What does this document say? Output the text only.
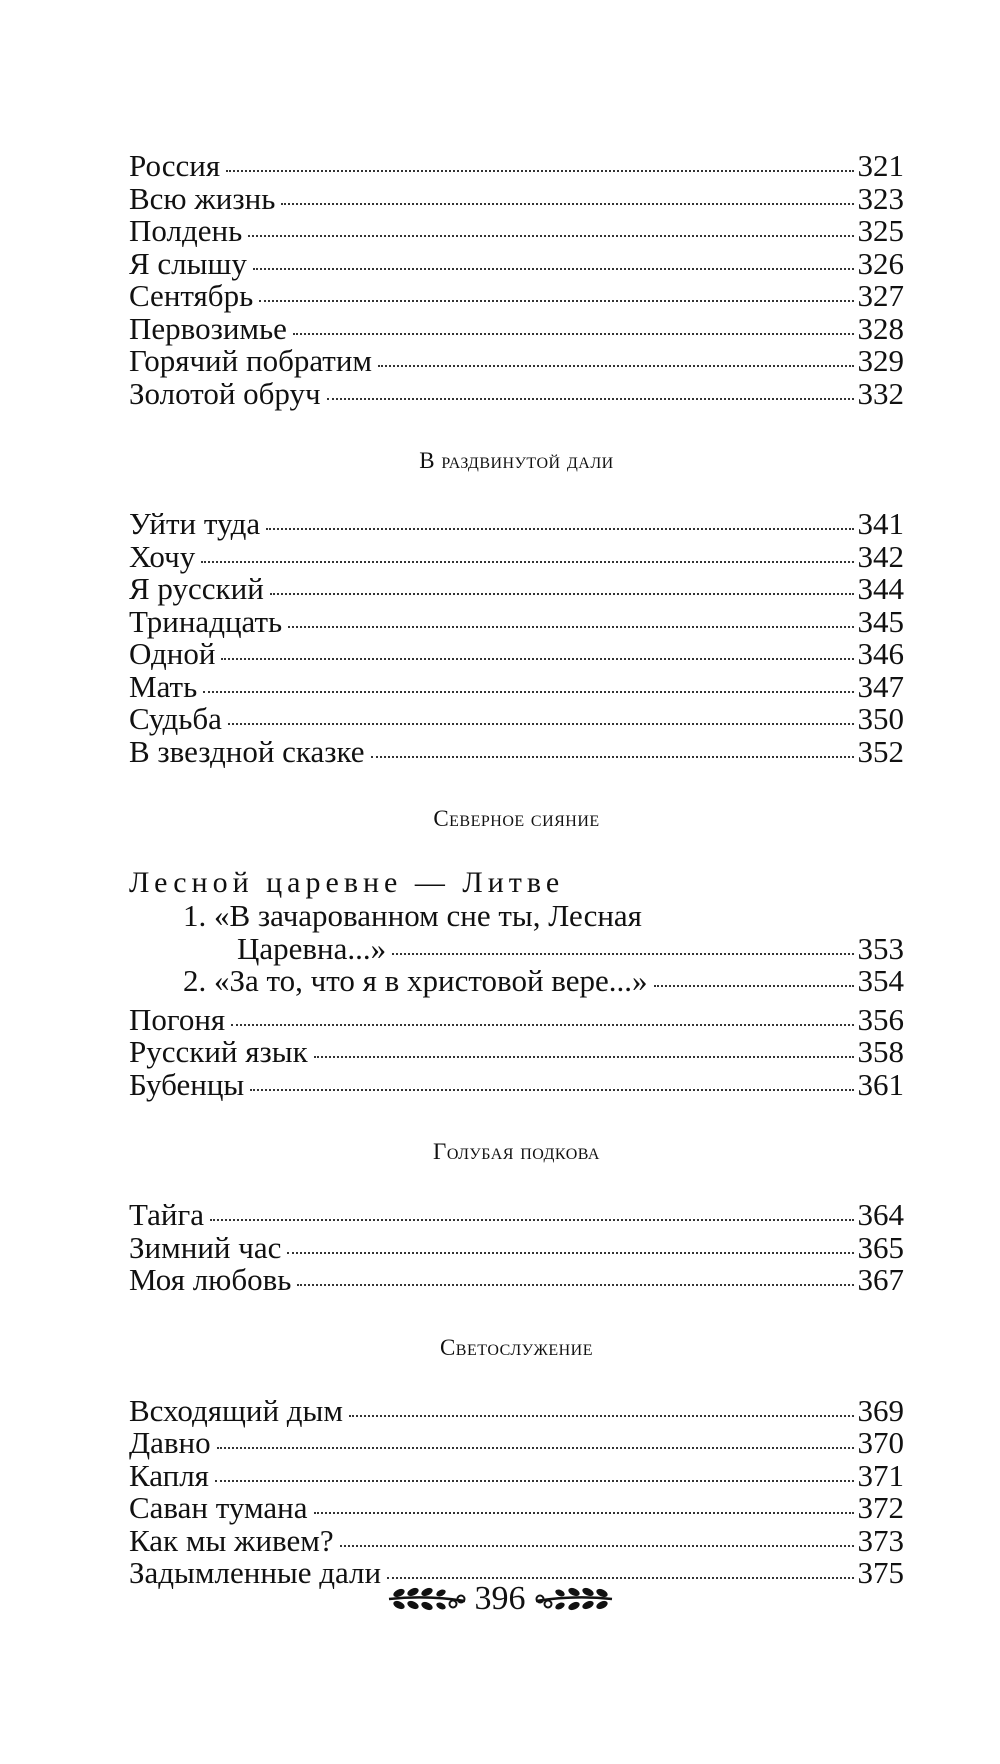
Россия	321
Всю жизнь	323
Полдень	325
Я слышу	326
Сентябрь	327
Первозимье	328
Горячий побратим	329
Золотой обруч	332
В раздвинутой дали
Уйти туда	341
Хочу	342
Я русский	344
Тринадцать	345
Одной	346
Мать	347
Судьба	350
В звездной сказке	352
Северное сияние
Лесной царевне — Литве
1. «В зачарованном сне ты, Лесная
Царевна...»	353
2. «За то, что я в христовой вере...»	354
Погоня	356
Русский язык	358
Бубенцы	361
Голубая подкова
Тайга	364
Зимний час	365
Моя любовь	367
Светослужение
Всходящий дым	369
Давно	370
Капля	371
Саван тумана	372
Как мы живем?	373
Задымленные дали	375
396
